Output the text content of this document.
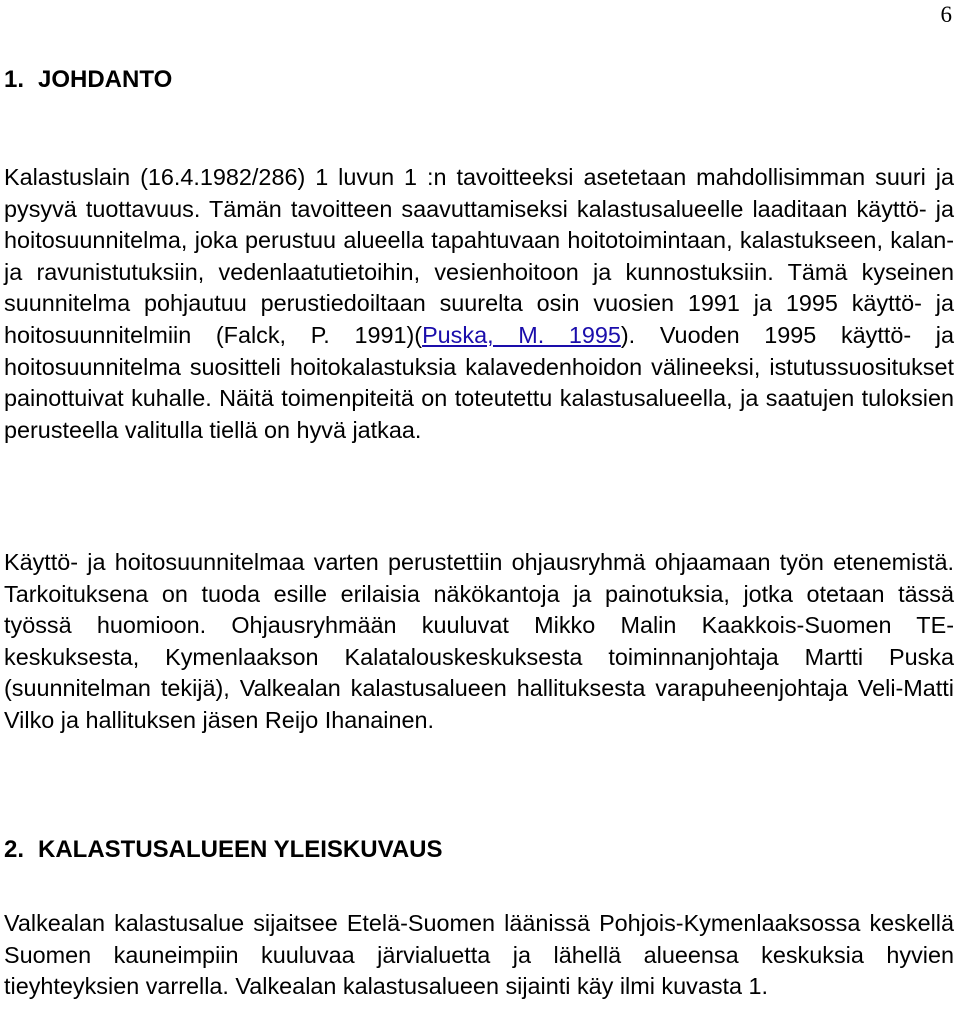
6
1. JOHDANTO

Kalastuslain (16.4.1982/286) 1 luvun 1 :n tavoitteeksi asetetaan mahdollisimman suuri ja pysyvä tuottavuus. Tämän tavoitteen saavuttamiseksi kalastusalueelle laaditaan käyttö- ja hoitosuunnitelma, joka perustuu alueella tapahtuvaan hoitotoimintaan, kalastukseen, kalan- ja ravunistutuksiin, vedenlaatutietoihin, vesienhoitoon ja kunnostuksiin. Tämä kyseinen suunnitelma pohjautuu perustiedoiltaan suurelta osin vuosien 1991 ja 1995 käyttö- ja hoitosuunnitelmiin (Falck, P. 1991)(Puska, M. 1995). Vuoden 1995 käyttö- ja hoitosuunnitelma suositteli hoitokalastuksia kalavedenhoidon välineeksi, istutussuositukset painottuivat kuhalle. Näitä toimenpiteitä on toteutettu kalastusalueella, ja saatujen tuloksien perusteella valitulla tiellä on hyvä jatkaa.

Käyttö- ja hoitosuunnitelmaa varten perustettiin ohjausryhmä ohjaamaan työn etenemistä. Tarkoituksena on tuoda esille erilaisia näkökantoja ja painotuksia, jotka otetaan tässä työssä huomioon. Ohjausryhmään kuuluvat Mikko Malin Kaakkois-Suomen TE-keskuksesta, Kymenlaakson Kalatalouskeskuksesta toiminnanjohtaja Martti Puska (suunnitelman tekijä), Valkealan kalastusalueen hallituksesta varapuheenjohtaja Veli-Matti Vilko ja hallituksen jäsen Reijo Ihanainen.

2. KALASTUSALUEEN YLEISKUVAUS

Valkealan kalastusalue sijaitsee Etelä-Suomen läänissä Pohjois-Kymenlaaksossa keskellä Suomen kauneimpiin kuuluvaa järvialuetta ja lähellä alueensa keskuksia hyvien tieyhteyksien varrella. Valkealan kalastusalueen sijainti käy ilmi kuvasta 1.
